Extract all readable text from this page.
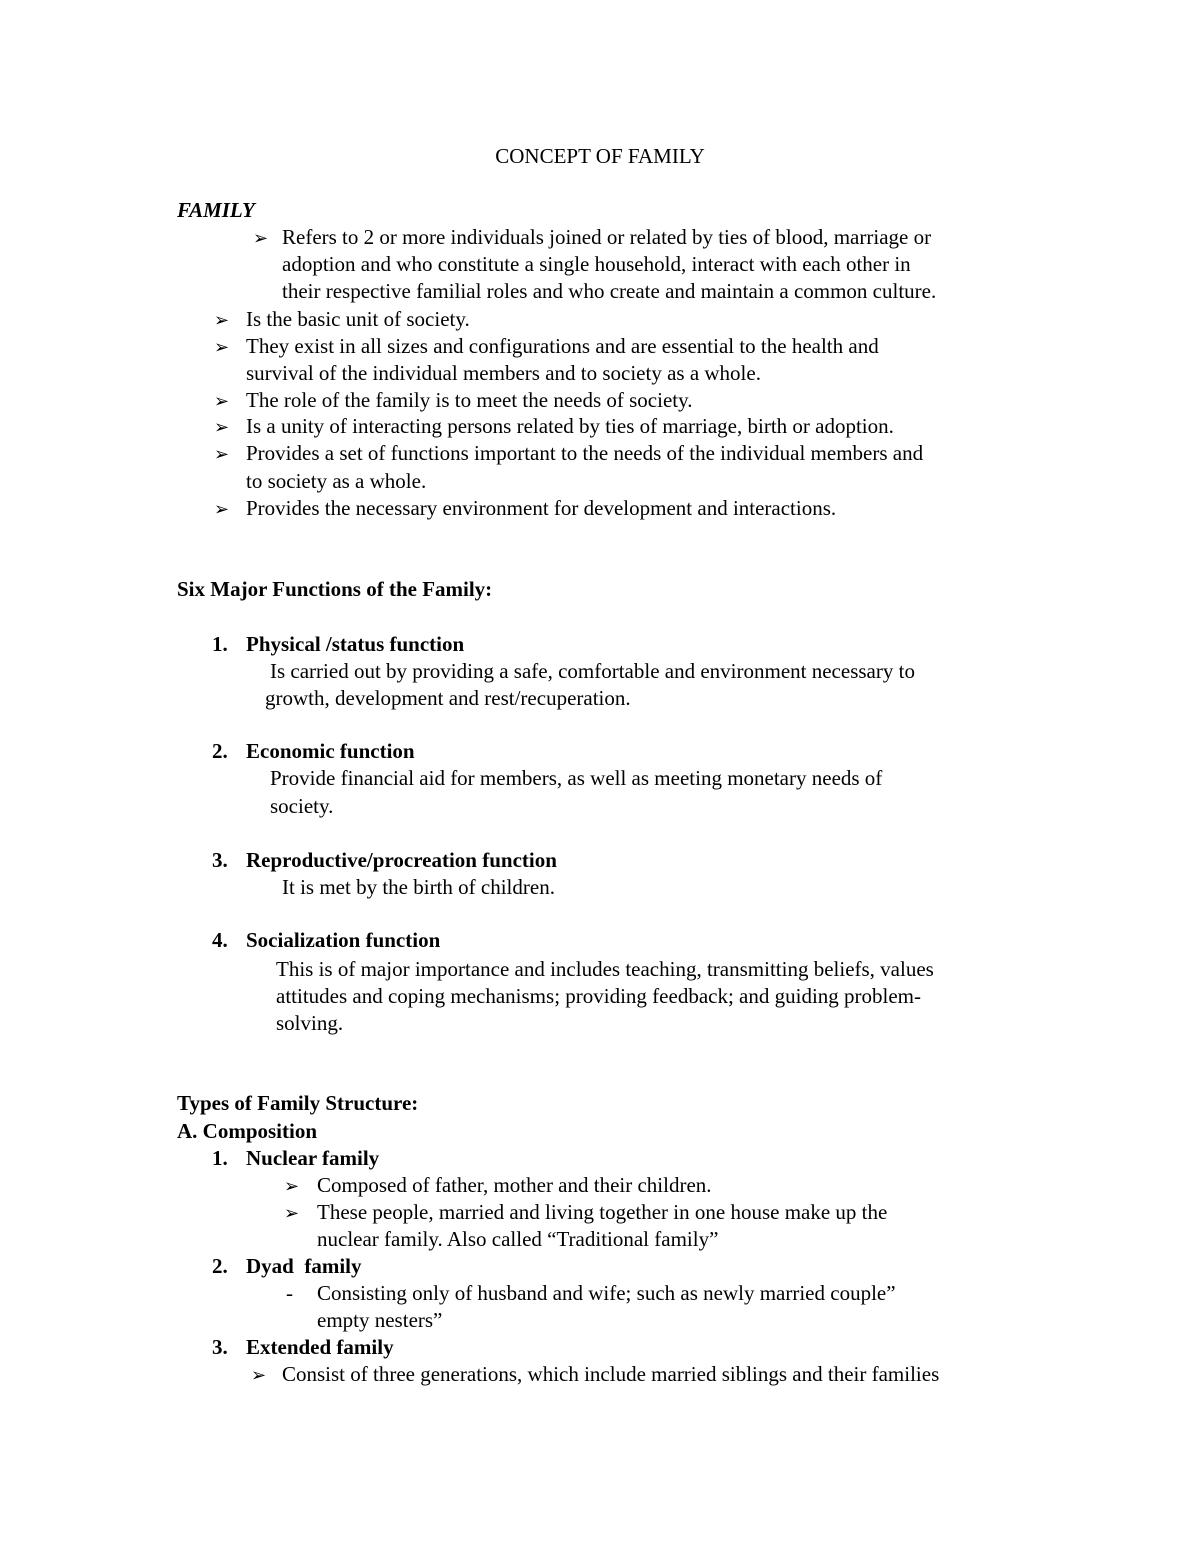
CONCEPT OF FAMILY
FAMILY
➢ Refers to 2 or more individuals joined or related by ties of blood, marriage or
adoption and who constitute a single household, interact with each other in
their respective familial roles and who create and maintain a common culture.
➢ Is the basic unit of society.
➢ They exist in all sizes and configurations and are essential to the health and
survival of the individual members and to society as a whole.
➢ The role of the family is to meet the needs of society.
➢ Is a unity of interacting persons related by ties of marriage, birth or adoption.
➢ Provides a set of functions important to the needs of the individual members and
to society as a whole.
➢ Provides the necessary environment for development and interactions.
Six Major Functions of the Family:
1. Physical /status function
Is carried out by providing a safe, comfortable and environment necessary to
growth, development and rest/recuperation.
2. Economic function
Provide financial aid for members, as well as meeting monetary needs of
society.
3. Reproductive/procreation function
It is met by the birth of children.
4. Socialization function
This is of major importance and includes teaching, transmitting beliefs, values
attitudes and coping mechanisms; providing feedback; and guiding problem-
solving.
Types of Family Structure:
A. Composition
1. Nuclear family
➢ Composed of father, mother and their children.
➢ These people, married and living together in one house make up the
nuclear family. Also called “Traditional family”
2. Dyad  family
- Consisting only of husband and wife; such as newly married couple”
empty nesters”
3. Extended family
➢ Consist of three generations, which include married siblings and their families
